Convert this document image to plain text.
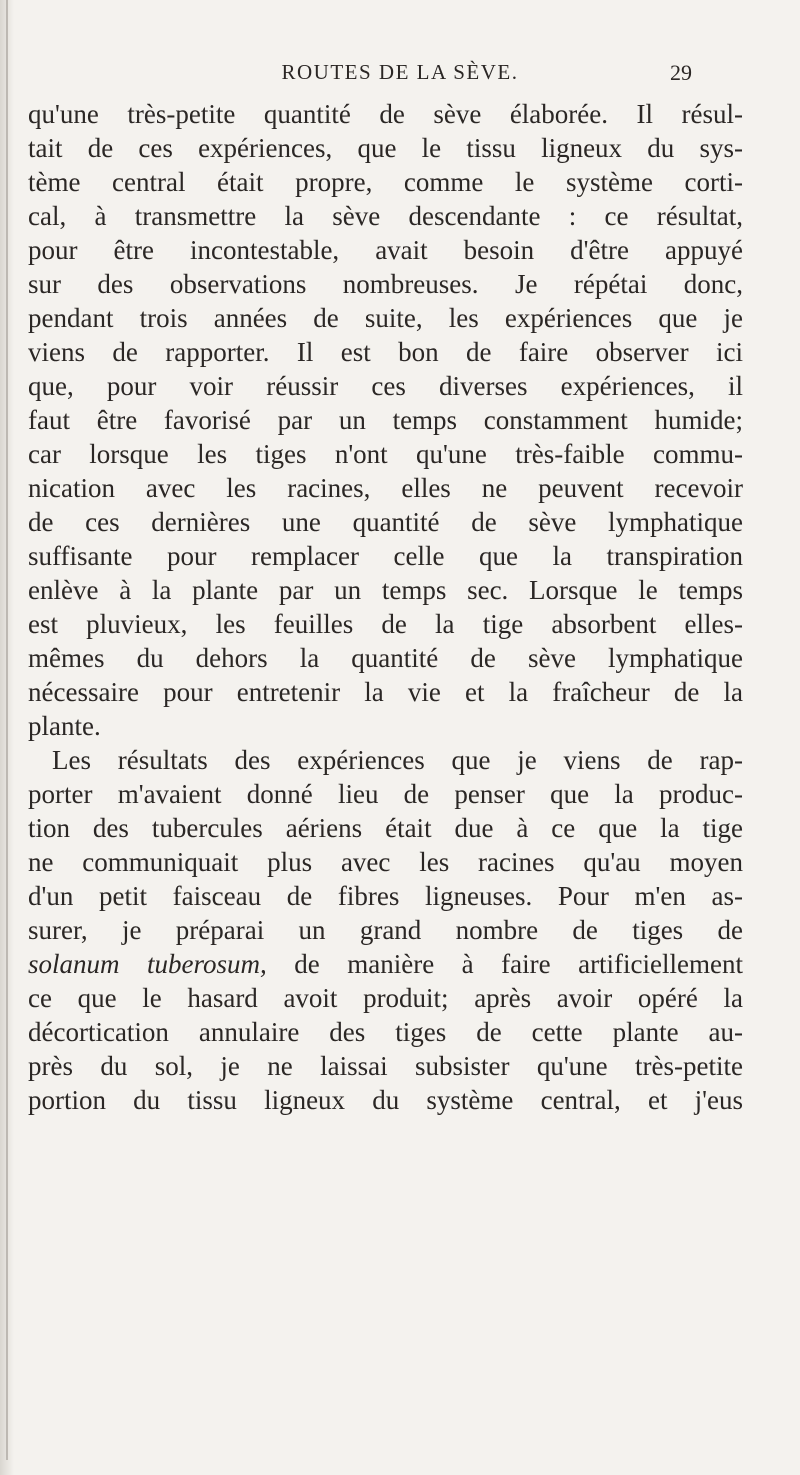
ROUTES DE LA SÈVE.	29
qu'une très-petite quantité de sève élaborée. Il résul-
tait de ces expériences, que le tissu ligneux du sys-
tème central était propre, comme le système corti-
cal, à transmettre la sève descendante : ce résultat,
pour être incontestable, avait besoin d'être appuyé
sur des observations nombreuses. Je répétai donc,
pendant trois années de suite, les expériences que je
viens de rapporter. Il est bon de faire observer ici
que, pour voir réussir ces diverses expériences, il
faut être favorisé par un temps constamment humide;
car lorsque les tiges n'ont qu'une très-faible commu-
nication avec les racines, elles ne peuvent recevoir
de ces dernières une quantité de sève lymphatique
suffisante pour remplacer celle que la transpiration
enlève à la plante par un temps sec. Lorsque le temps
est pluvieux, les feuilles de la tige absorbent elles-
mêmes du dehors la quantité de sève lymphatique
nécessaire pour entretenir la vie et la fraîcheur de la
plante.
Les résultats des expériences que je viens de rap-
porter m'avaient donné lieu de penser que la produc-
tion des tubercules aériens était due à ce que la tige
ne communiquait plus avec les racines qu'au moyen
d'un petit faisceau de fibres ligneuses. Pour m'en as-
surer, je préparai un grand nombre de tiges de
solanum tuberosum, de manière à faire artificiellement
ce que le hasard avoit produit; après avoir opéré la
décortication annulaire des tiges de cette plante au-
près du sol, je ne laissai subsister qu'une très-petite
portion du tissu ligneux du système central, et j'eus
